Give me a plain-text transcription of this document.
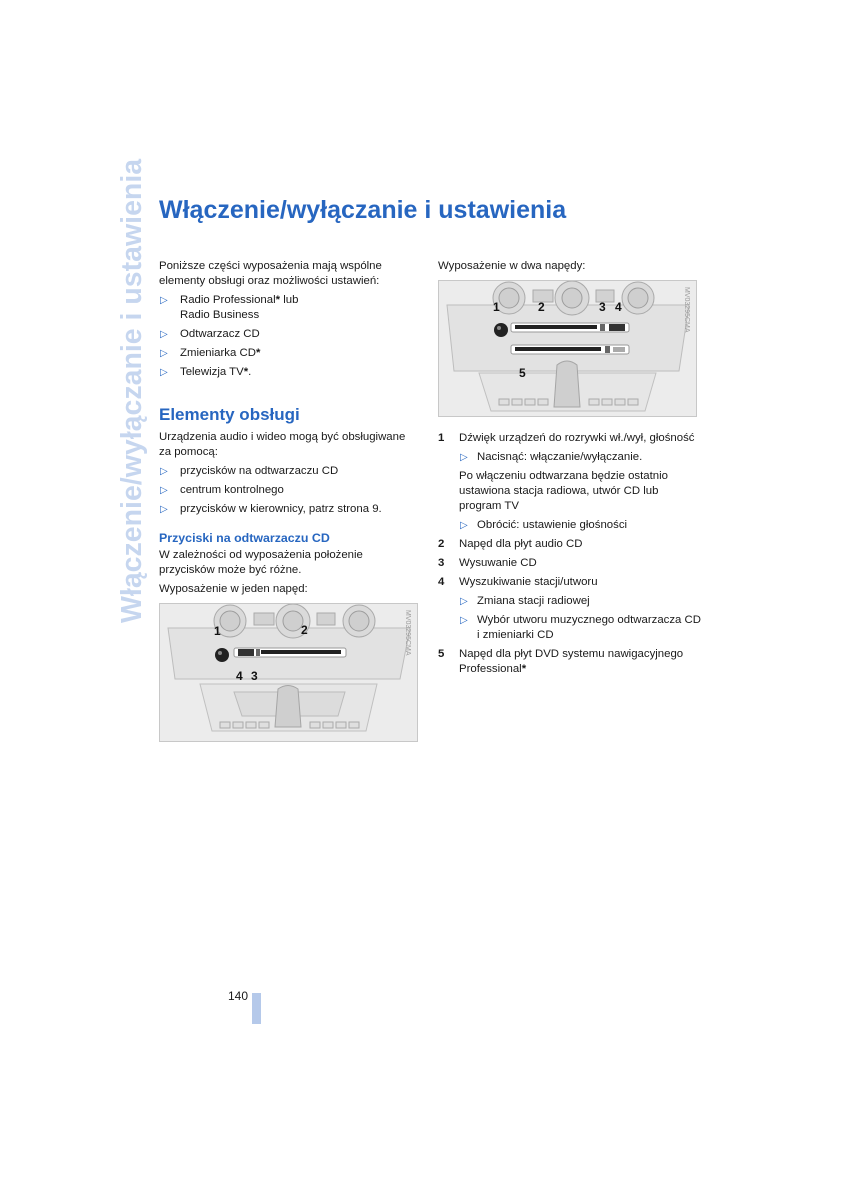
Włączenie/wyłączanie i ustawienia Włączenie/wyłączanie i ustawienia

Poniższe części wyposażenia mają wspólne elementy obsługi oraz możliwości ustawień:

▷ Radio Professional* lub
Radio Business
▷ Odtwarzacz CD
▷ Zmieniarka CD*
▷ Telewizja TV*.
Elementy obsługi

Urządzenia audio i wideo mogą być obsługiwane za pomocą:

▷ przycisków na odtwarzaczu CD
▷ centrum kontrolnego
▷ przycisków w kierownicy, patrz strona 9.
Przyciski na odtwarzaczu CD

W zależności od wyposażenia położenie przycisków może być różne.

Wyposażenie w jeden napęd:

1	2
4 3
MV03295CMA

Wyposażenie w dwa napędy:

1	2	3 4
5
MV03295CMA
1 Dźwięk urządzeń do rozrywki wł./wył, głośność
▷ Nacisnąć: włączanie/wyłączanie.
Po włączeniu odtwarzana będzie ostatnio ustawiona stacja radiowa, utwór CD lub program TV
▷ Obrócić: ustawienie głośności
2 Napęd dla płyt audio CD
3 Wysuwanie CD
4 Wyszukiwanie stacji/utworu
▷ Zmiana stacji radiowej
▷ Wybór utworu muzycznego odtwarzacza CD i zmieniarki CD
5 Napęd dla płyt DVD systemu nawigacyjnego Professional*
140
